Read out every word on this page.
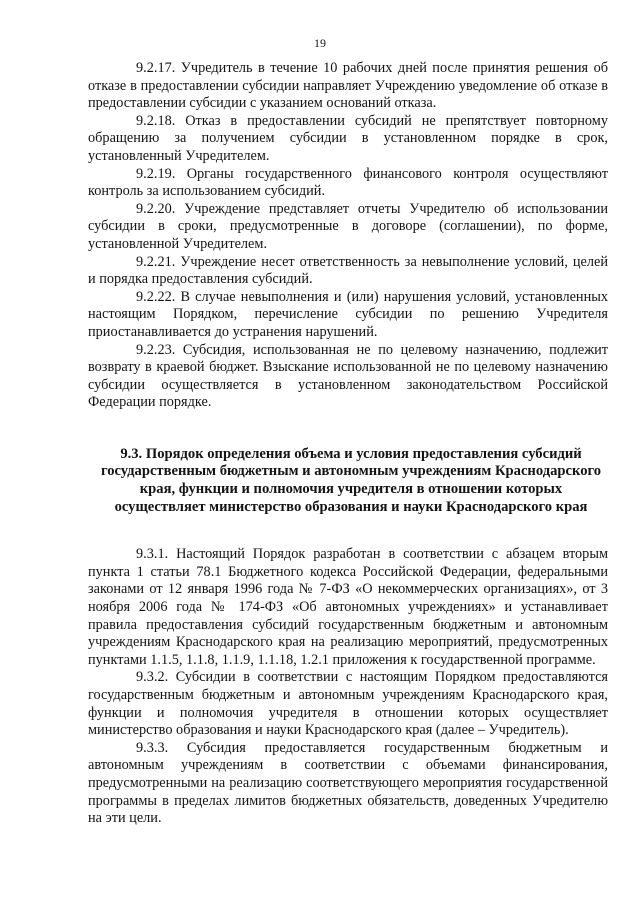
19

9.2.17. Учредитель в течение 10 рабочих дней после принятия решения об отказе в предоставлении субсидии направляет Учреждению уведомление об отказе в предоставлении субсидии с указанием оснований отказа.

9.2.18. Отказ в предоставлении субсидий не препятствует повторному обращению за получением субсидии в установленном порядке в срок, установленный Учредителем.

9.2.19. Органы государственного финансового контроля осуществляют контроль за использованием субсидий.

9.2.20. Учреждение представляет отчеты Учредителю об использовании субсидии в сроки, предусмотренные в договоре (соглашении), по форме, установленной Учредителем.

9.2.21. Учреждение несет ответственность за невыполнение условий, целей и порядка предоставления субсидий.

9.2.22. В случае невыполнения и (или) нарушения условий, установленных настоящим Порядком, перечисление субсидии по решению Учредителя приостанавливается до устранения нарушений.

9.2.23. Субсидия, использованная не по целевому назначению, подлежит возврату в краевой бюджет. Взыскание использованной не по целевому назначению субсидии осуществляется в установленном законодательством Российской Федерации порядке.

9.3. Порядок определения объема и условия предоставления субсидий государственным бюджетным и автономным учреждениям Краснодарского края, функции и полномочия учредителя в отношении которых осуществляет министерство образования и науки Краснодарского края

9.3.1. Настоящий Порядок разработан в соответствии с абзацем вторым пункта 1 статьи 78.1 Бюджетного кодекса Российской Федерации, федеральными законами от 12 января 1996 года № 7-ФЗ «О некоммерческих организациях», от 3 ноября 2006 года № 174-ФЗ «Об автономных учреждениях» и устанавливает правила предоставления субсидий государственным бюджетным и автономным учреждениям Краснодарского края на реализацию мероприятий, предусмотренных пунктами 1.1.5, 1.1.8, 1.1.9, 1.1.18, 1.2.1 приложения к государственной программе.

9.3.2. Субсидии в соответствии с настоящим Порядком предоставляются государственным бюджетным и автономным учреждениям Краснодарского края, функции и полномочия учредителя в отношении которых осуществляет министерство образования и науки Краснодарского края (далее – Учредитель).

9.3.3. Субсидия предоставляется государственным бюджетным и автономным учреждениям в соответствии с объемами финансирования, предусмотренными на реализацию соответствующего мероприятия государственной программы в пределах лимитов бюджетных обязательств, доведенных Учредителю на эти цели.
